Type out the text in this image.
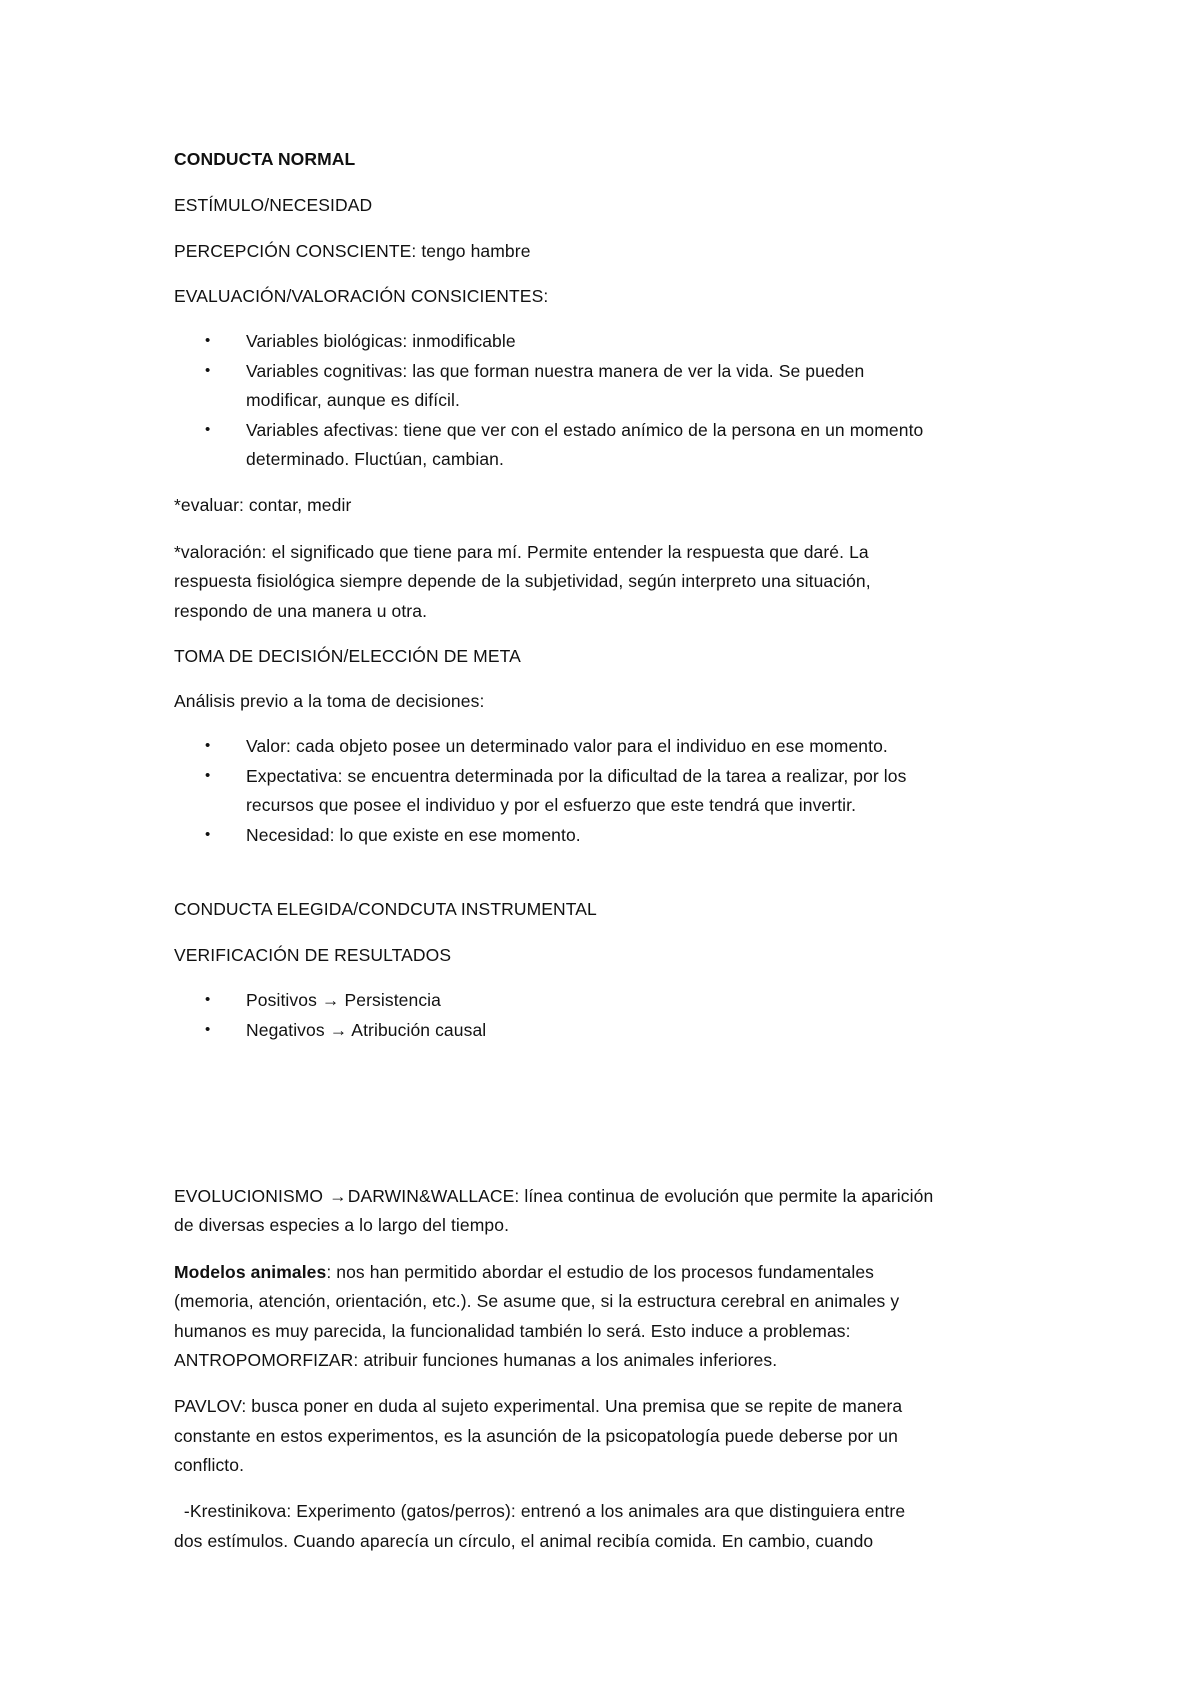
CONDUCTA NORMAL
ESTÍMULO/NECESIDAD
PERCEPCIÓN CONSCIENTE: tengo hambre
EVALUACIÓN/VALORACIÓN CONSICIENTES:
•	Variables biológicas: inmodificable
•	Variables cognitivas: las que forman nuestra manera de ver la vida. Se pueden
modificar, aunque es difícil.
•	Variables afectivas: tiene que ver con el estado anímico de la persona en un momento
determinado. Fluctúan, cambian.
*evaluar: contar, medir
*valoración: el significado que tiene para mí. Permite entender la respuesta que daré. La
respuesta fisiológica siempre depende de la subjetividad, según interpreto una situación,
respondo de una manera u otra.
TOMA DE DECISIÓN/ELECCIÓN DE META
Análisis previo a la toma de decisiones:
•	Valor: cada objeto posee un determinado valor para el individuo en ese momento.
•	Expectativa: se encuentra determinada por la dificultad de la tarea a realizar, por los
recursos que posee el individuo y por el esfuerzo que este tendrá que invertir.
•	Necesidad: lo que existe en ese momento.
CONDUCTA ELEGIDA/CONDCUTA INSTRUMENTAL
VERIFICACIÓN DE RESULTADOS
•	Positivos → Persistencia
•	Negativos → Atribución causal
EVOLUCIONISMO →DARWIN&WALLACE: línea continua de evolución que permite la aparición
de diversas especies a lo largo del tiempo.
Modelos animales: nos han permitido abordar el estudio de los procesos fundamentales
(memoria, atención, orientación, etc.). Se asume que, si la estructura cerebral en animales y
humanos es muy parecida, la funcionalidad también lo será. Esto induce a problemas:
ANTROPOMORFIZAR: atribuir funciones humanas a los animales inferiores.
PAVLOV: busca poner en duda al sujeto experimental. Una premisa que se repite de manera
constante en estos experimentos, es la asunción de la psicopatología puede deberse por un
conflicto.
-Krestinikova: Experimento (gatos/perros): entrenó a los animales ara que distinguiera entre
dos estímulos. Cuando aparecía un círculo, el animal recibía comida. En cambio, cuando
